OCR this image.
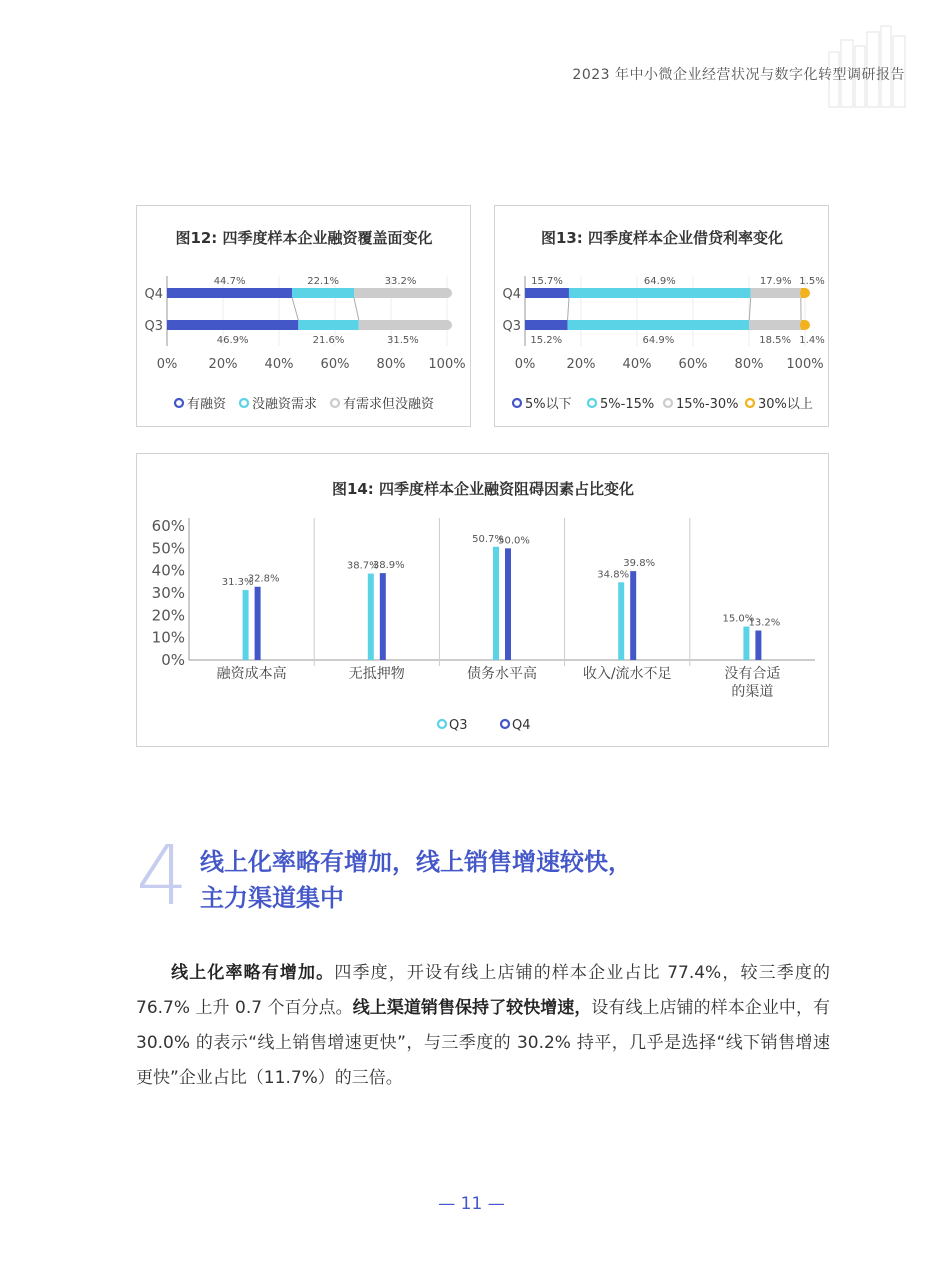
2023 年中小微企业经营状况与数字化转型调研报告
图12: 四季度样本企业融资覆盖面变化
0% 20% 40% 60% 80% 100%
Q4
Q3
44.7%	22.1%	33.2%
46.9%	21.6%	31.5%
有融资 没融资需求 有需求但没融资
图13: 四季度样本企业借贷利率变化
0% 20% 40% 60% 80% 100%
Q4
Q3
15.7%	64.9%	17.9% 1.5%
15.2%	64.9%	18.5% 1.4%
5%以下 5%-15% 15%-30% 30%以上
图14: 四季度样本企业融资阻碍因素占比变化
0%
10%
20%
30%
40%
50%
60%
31.3%
32.8%
融资成本高
38.7%
38.9%
无抵押物
50.7%
50.0%
债务水平高
34.8%
39.8%
收入/流水不足
15.0%
13.2%
没有合适
的渠道
Q3	Q4
4 线上化率略有增加，线上销售增速较快，
主力渠道集中
线上化率略有增加。四季度，开设有线上店铺的样本企业占比 77.4%，较三季度的 76.7% 上升 0.7 个百分点。线上渠道销售保持了较快增速，设有线上店铺的样本企业中，有 30.0% 的表示“线上销售增速更快”，与三季度的 30.2% 持平，几乎是选择“线下销售增速更快”企业占比（11.7%）的三倍。
— 11 —
